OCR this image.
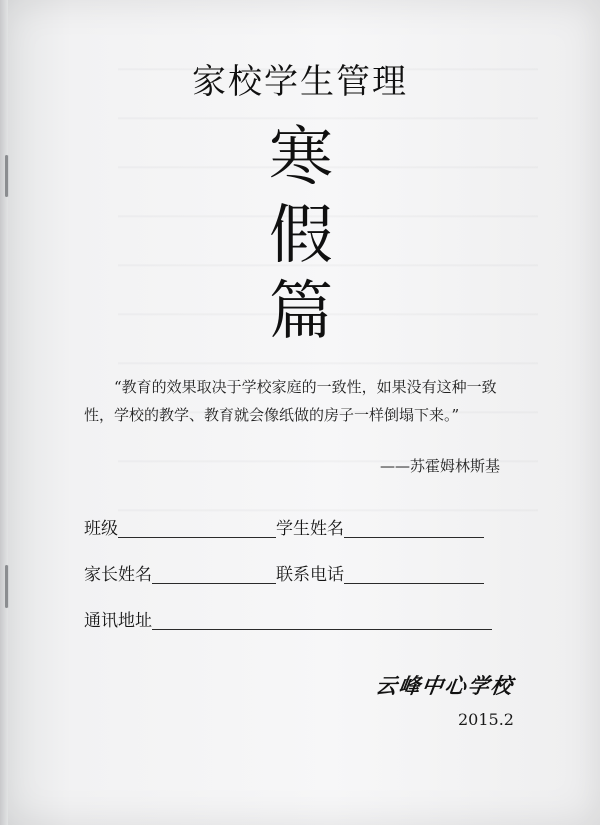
家校学生管理
寒
假
篇
“教育的效果取决于学校家庭的一致性，如果没有这种一致
性，学校的教学、教育就会像纸做的房子一样倒塌下来。”
——苏霍姆林斯基
班级	学生姓名
家长姓名	联系电话
通讯地址
云峰中心学校
2015.2
